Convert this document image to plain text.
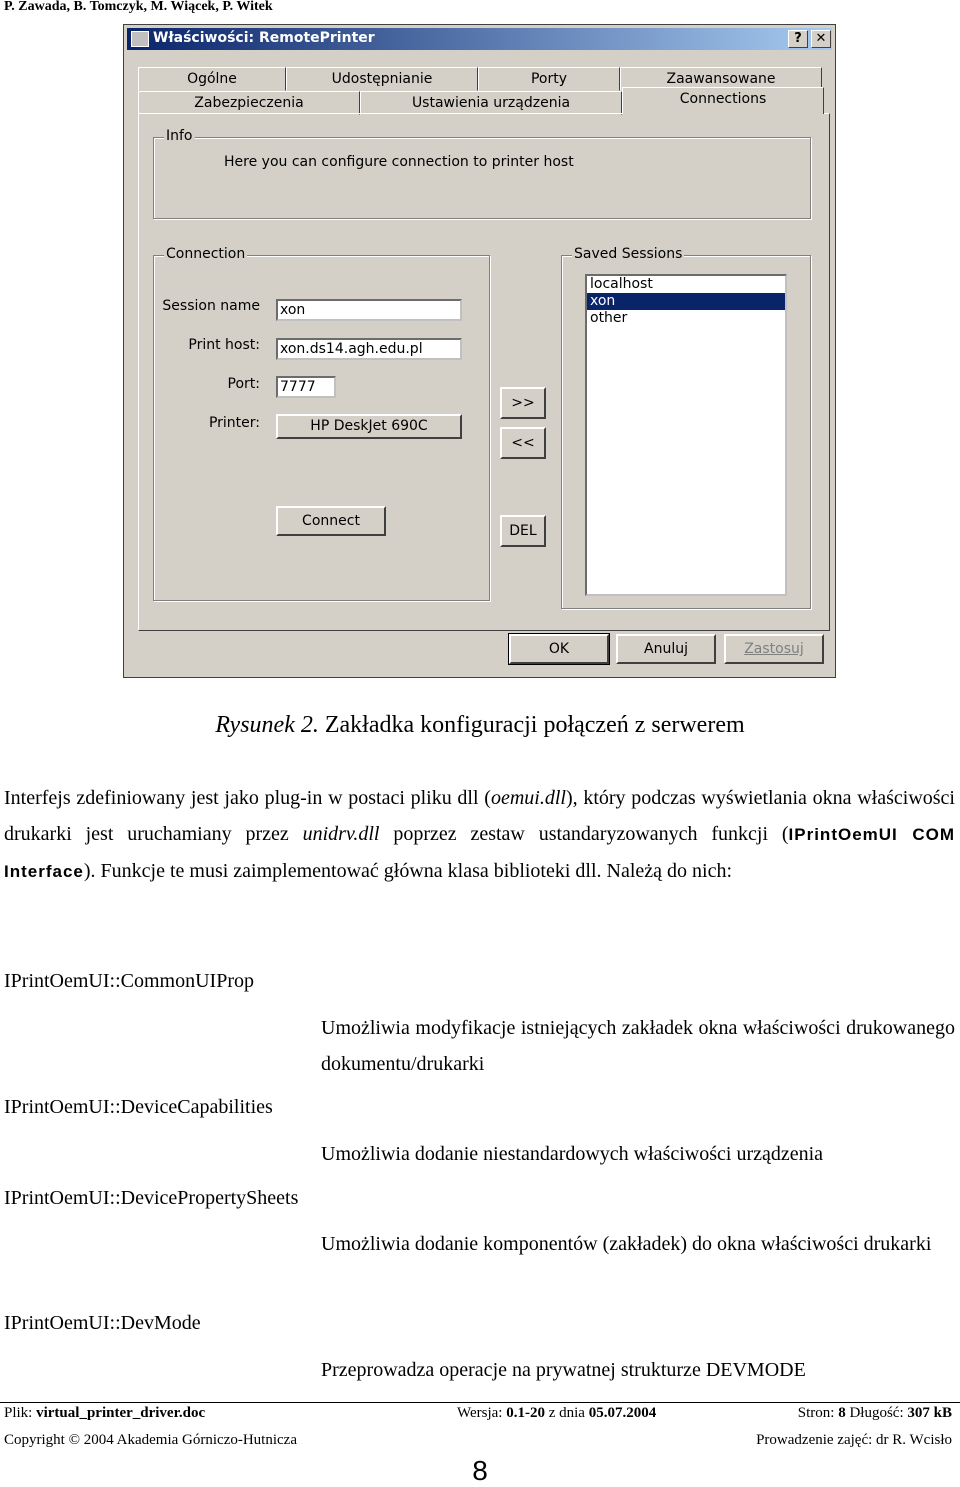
P. Zawada, B. Tomczyk, M. Wiącek, P. Witek
Właściwości: RemotePrinter	?	✕
Ogólne	Udostępnianie	Porty	Zaawansowane
Zabezpieczenia	Ustawienia urządzenia	Connections
Info
Here you can configure connection to printer host
Connection
Session name xon
Print host: xon.ds14.agh.edu.pl
Port: 7777
Printer:	HP DeskJet 690C
Connect
>>
<<
DEL
Saved Sessions
localhost
xon
other
OK	Anuluj	Zastosuj
Rysunek 2. Zakładka konfiguracji połączeń z serwerem
Interfejs zdefiniowany jest jako plug-in w postaci pliku dll (oemui.dll), który podczas wyświetlania okna właściwości drukarki jest uruchamiany przez unidrv.dll poprzez zestaw ustandaryzowanych funkcji (IPrintOemUI COM Interface). Funkcje te musi zaimplementować główna klasa biblioteki dll. Należą do nich:
IPrintOemUI::CommonUIProp
Umożliwia modyfikacje istniejących zakładek okna właściwości drukowanego dokumentu/drukarki
IPrintOemUI::DeviceCapabilities
Umożliwia dodanie niestandardowych właściwości urządzenia
IPrintOemUI::DevicePropertySheets
Umożliwia dodanie komponentów (zakładek) do okna właściwości drukarki
IPrintOemUI::DevMode
Przeprowadza operacje na prywatnej strukturze DEVMODE
Plik: virtual_printer_driver.doc	Wersja: 0.1-20 z dnia 05.07.2004	Stron: 8 Długość: 307 kB
Copyright © 2004 Akademia Górniczo-Hutnicza	Prowadzenie zajęć: dr R. Wcisło
8
